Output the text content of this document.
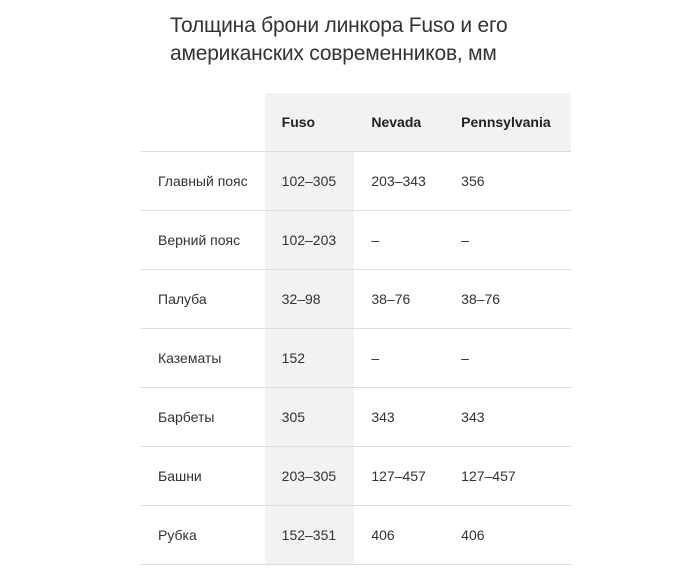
Толщина брони линкора Fuso и его
американских современников, мм
	Fuso	Nevada	Pennsylvania
Главный пояс	102–305	203–343	356
Верний пояс	102–203	–	–
Палуба	32–98	38–76	38–76
Казематы	152	–	–
Барбеты	305	343	343
Башни	203–305	127–457	127–457
Рубка	152–351	406	406
